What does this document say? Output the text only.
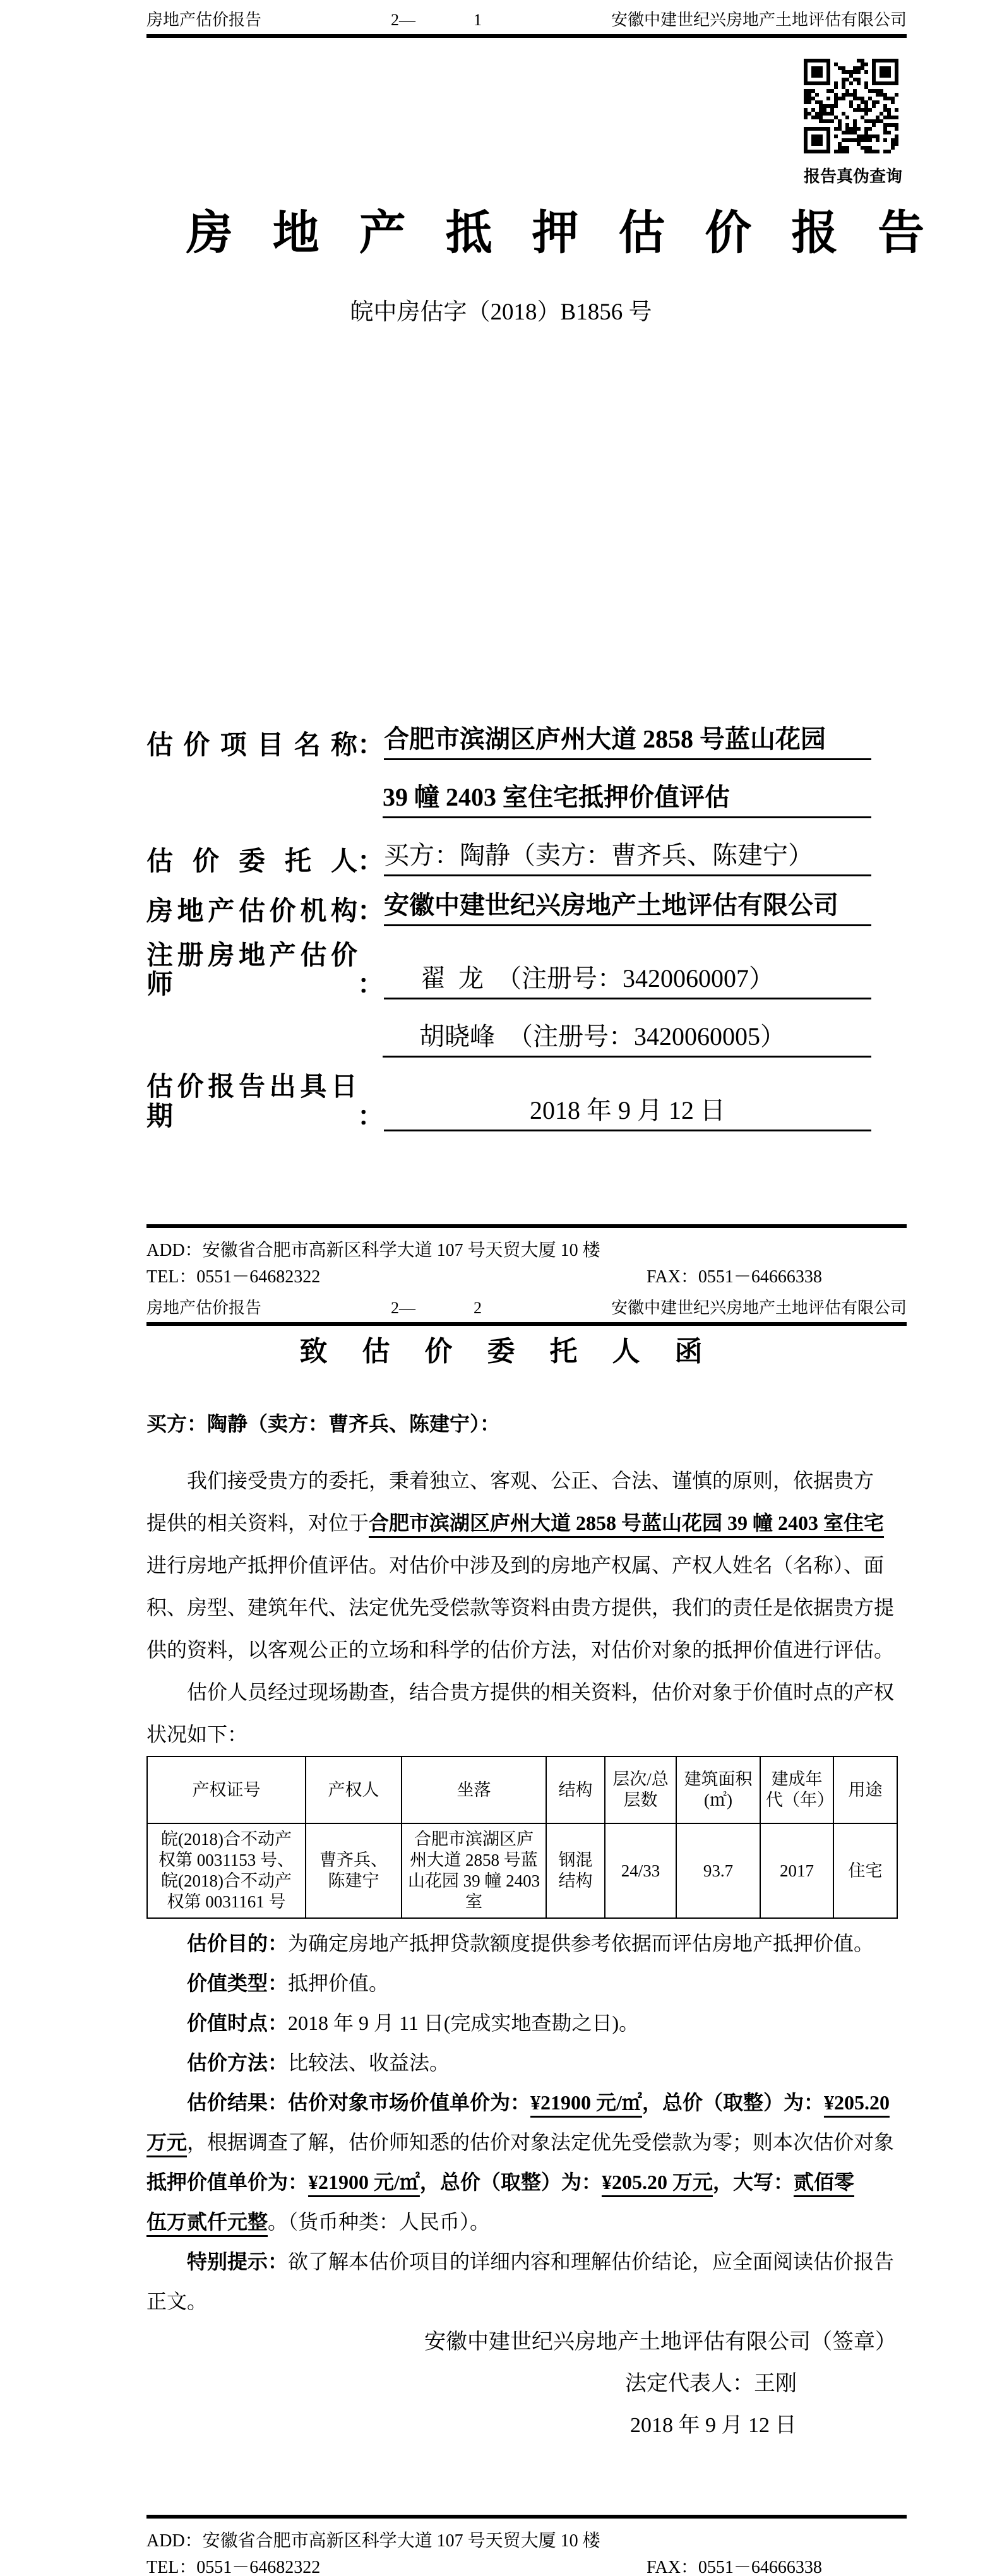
房地产估价报告	2—	1	安徽中建世纪兴房地产土地评估有限公司
报告真伪查询
房地产抵押估价报告
皖中房估字（2018）B1856 号
估价项目名称 ： 合肥市滨湖区庐州大道 2858 号蓝山花园
39 幢 2403 室住宅抵押价值评估
估价委托人 ： 买方：陶静（卖方：曹齐兵、陈建宁）
房地产估价机构 ： 安徽中建世纪兴房地产土地评估有限公司
注册房地产估价师	：	翟  龙  （注册号：3420060007）
胡晓峰  （注册号：3420060005）
估价报告出具日期	：	2018 年 9 月 12 日
ADD：安徽省合肥市高新区科学大道 107 号天贸大厦 10 楼
TEL：0551－64682322	FAX：0551－64666338
房地产估价报告	2—	2	安徽中建世纪兴房地产土地评估有限公司
致估价委托人函
买方：陶静（卖方：曹齐兵、陈建宁）：
我们接受贵方的委托，秉着独立、客观、公正、合法、谨慎的原则，依据贵方
提供的相关资料，对位于合肥市滨湖区庐州大道 2858 号蓝山花园 39 幢 2403 室住宅
进行房地产抵押价值评估。对估价中涉及到的房地产权属、产权人姓名（名称）、面
积、房型、建筑年代、法定优先受偿款等资料由贵方提供，我们的责任是依据贵方提
供的资料，以客观公正的立场和科学的估价方法，对估价对象的抵押价值进行评估。
估价人员经过现场勘查，结合贵方提供的相关资料，估价对象于价值时点的产权
状况如下：
产权证号	产权人	坐落	结构	层次/总层数	建筑面积(㎡)	建成年代（年）	用途
皖(2018)合不动产权第 0031153 号、皖(2018)合不动产权第 0031161 号	曹齐兵、陈建宁	合肥市滨湖区庐州大道 2858 号蓝山花园 39 幢 2403 室	钢混结构	24/33	93.7	2017	住宅
估价目的：为确定房地产抵押贷款额度提供参考依据而评估房地产抵押价值。
价值类型：抵押价值。
价值时点：2018 年 9 月 11 日(完成实地查勘之日)。
估价方法：比较法、收益法。
估价结果：估价对象市场价值单价为：¥21900 元/㎡，总价（取整）为：¥205.20
万元，根据调查了解，估价师知悉的估价对象法定优先受偿款为零；则本次估价对象
抵押价值单价为：¥21900 元/㎡，总价（取整）为：¥205.20 万元，大写：贰佰零
伍万贰仟元整。（货币种类：人民币）。
特别提示：欲了解本估价项目的详细内容和理解估价结论，应全面阅读估价报告
正文。
安徽中建世纪兴房地产土地评估有限公司（签章）
法定代表人：王刚
2018 年 9 月 12 日
ADD：安徽省合肥市高新区科学大道 107 号天贸大厦 10 楼
TEL：0551－64682322	FAX：0551－64666338
